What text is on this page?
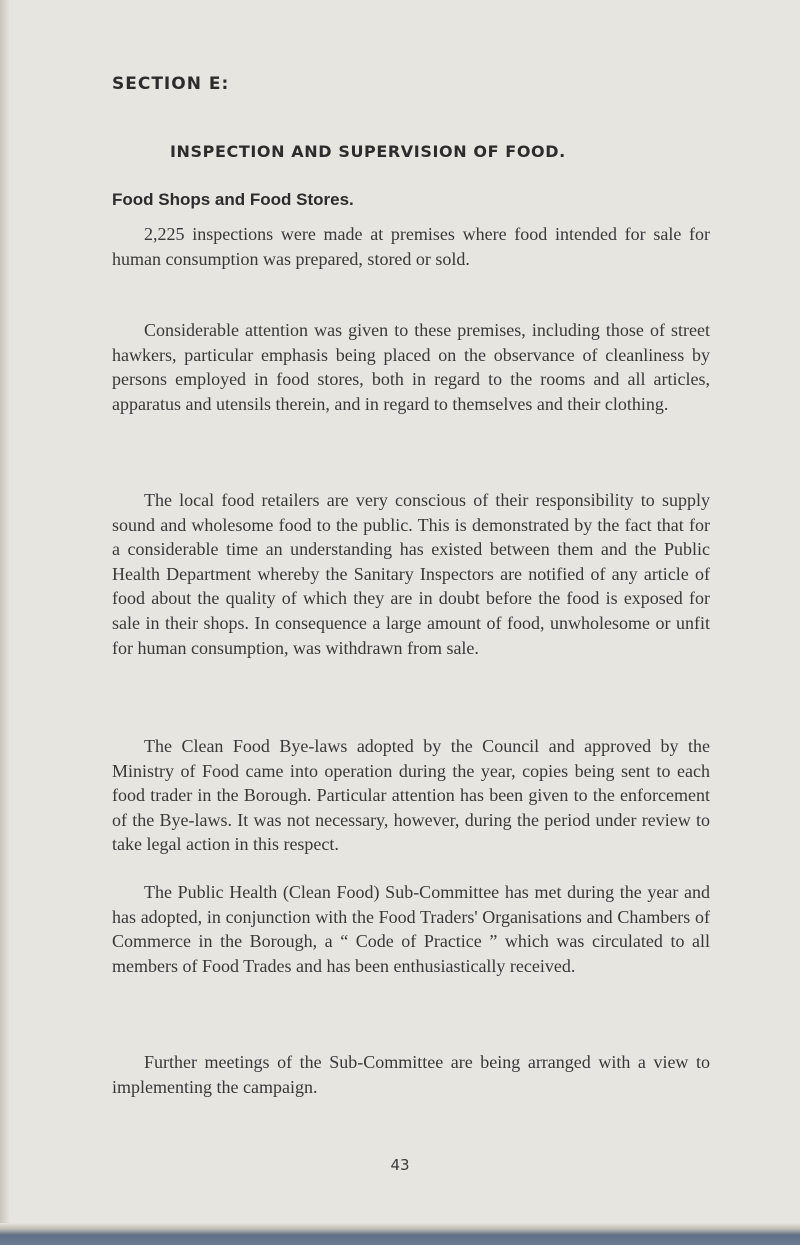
SECTION E:
INSPECTION AND SUPERVISION OF FOOD.
Food Shops and Food Stores.

2,225 inspections were made at premises where food intended for sale for human consumption was prepared, stored or sold.

Considerable attention was given to these premises, including those of street hawkers, particular emphasis being placed on the observance of cleanliness by persons employed in food stores, both in regard to the rooms and all articles, apparatus and utensils therein, and in regard to themselves and their clothing.

The local food retailers are very conscious of their responsibility to supply sound and wholesome food to the public. This is demonstrated by the fact that for a considerable time an understanding has existed between them and the Public Health Department whereby the Sanitary Inspectors are notified of any article of food about the quality of which they are in doubt before the food is exposed for sale in their shops. In consequence a large amount of food, unwholesome or unfit for human consumption, was withdrawn from sale.

The Clean Food Bye-laws adopted by the Council and approved by the Ministry of Food came into operation during the year, copies being sent to each food trader in the Borough. Particular attention has been given to the enforcement of the Bye-laws. It was not necessary, however, during the period under review to take legal action in this respect.

The Public Health (Clean Food) Sub-Committee has met during the year and has adopted, in conjunction with the Food Traders' Organisations and Chambers of Commerce in the Borough, a “ Code of Practice ” which was circulated to all members of Food Trades and has been enthusiastically received.

Further meetings of the Sub-Committee are being arranged with a view to implementing the campaign.

43
